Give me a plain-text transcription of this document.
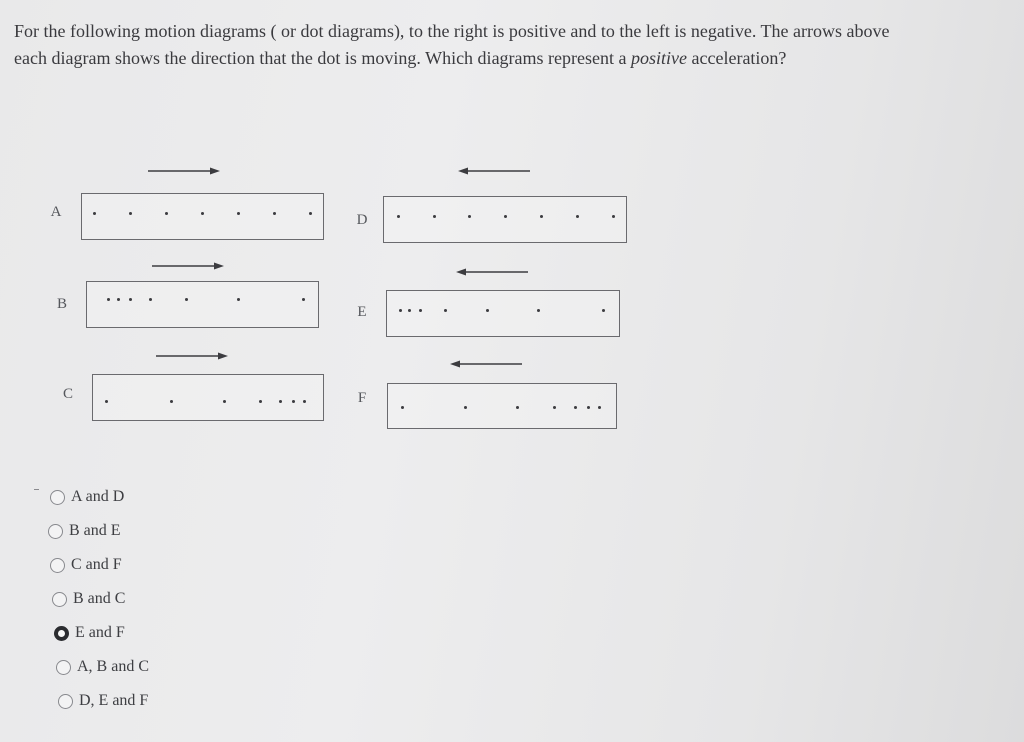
For the following motion diagrams ( or dot diagrams), to the right is positive and to the left is negative. The arrows above
each diagram shows the direction that the dot is moving. Which diagrams represent a positive acceleration?

A
B
C
D
E
F
A and D
B and E
C and F
B and C
E and F
A, B and C
D, E and F
